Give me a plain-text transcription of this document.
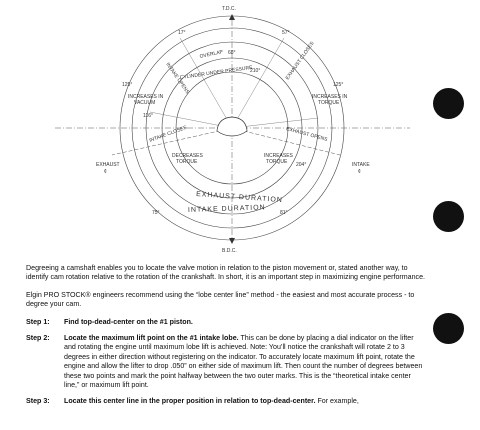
T.D.C.
B.D.C.
17°	57°
125°	125°
116°
75°	81°
204°
OVERLAP 68°
CYLINDER UNDER PRESSURE
210°
INTAKE OPENS	EXHAUST CLOSES
INCREASES IN VACUUM
INCREASES IN TORQUE
INTAKE CLOSES	EXHAUST OPENS
DECREASES TORQUE
INCREASES TORQUE
EXHAUST ¢
INTAKE ¢
EXHAUST DURATION
INTAKE DURATION

Degreeing a camshaft enables you to locate the valve motion in relation to the piston movement or, stated another way, to identify cam rotation relative to the rotation of the crankshaft. In short, it is an important step in maximizing engine performance.

Elgin PRO STOCK® engineers recommend using the “lobe center line” method - the easiest and most accurate process - to degree your cam.

Step 1:	Find top-dead-center on the #1 piston.
Step 2:	Locate the maximum lift point on the #1 intake lobe. This can be done by placing a dial indicator on the lifter and rotating the engine until maximum lobe lift is achieved. Note: You’ll notice the crankshaft will rotate 2 to 3 degrees in either direction without registering on the indicator. To accurately locate maximum lift point, rotate the engine and allow the lifter to drop .050” on either side of maximum lift. Then count the number of degrees between these two points and mark the point halfway between the two outer marks. This is the “theoretical intake center line,” or maximum lift point.
Step 3:	Locate this center line in the proper position in relation to top-dead-center. For example,
